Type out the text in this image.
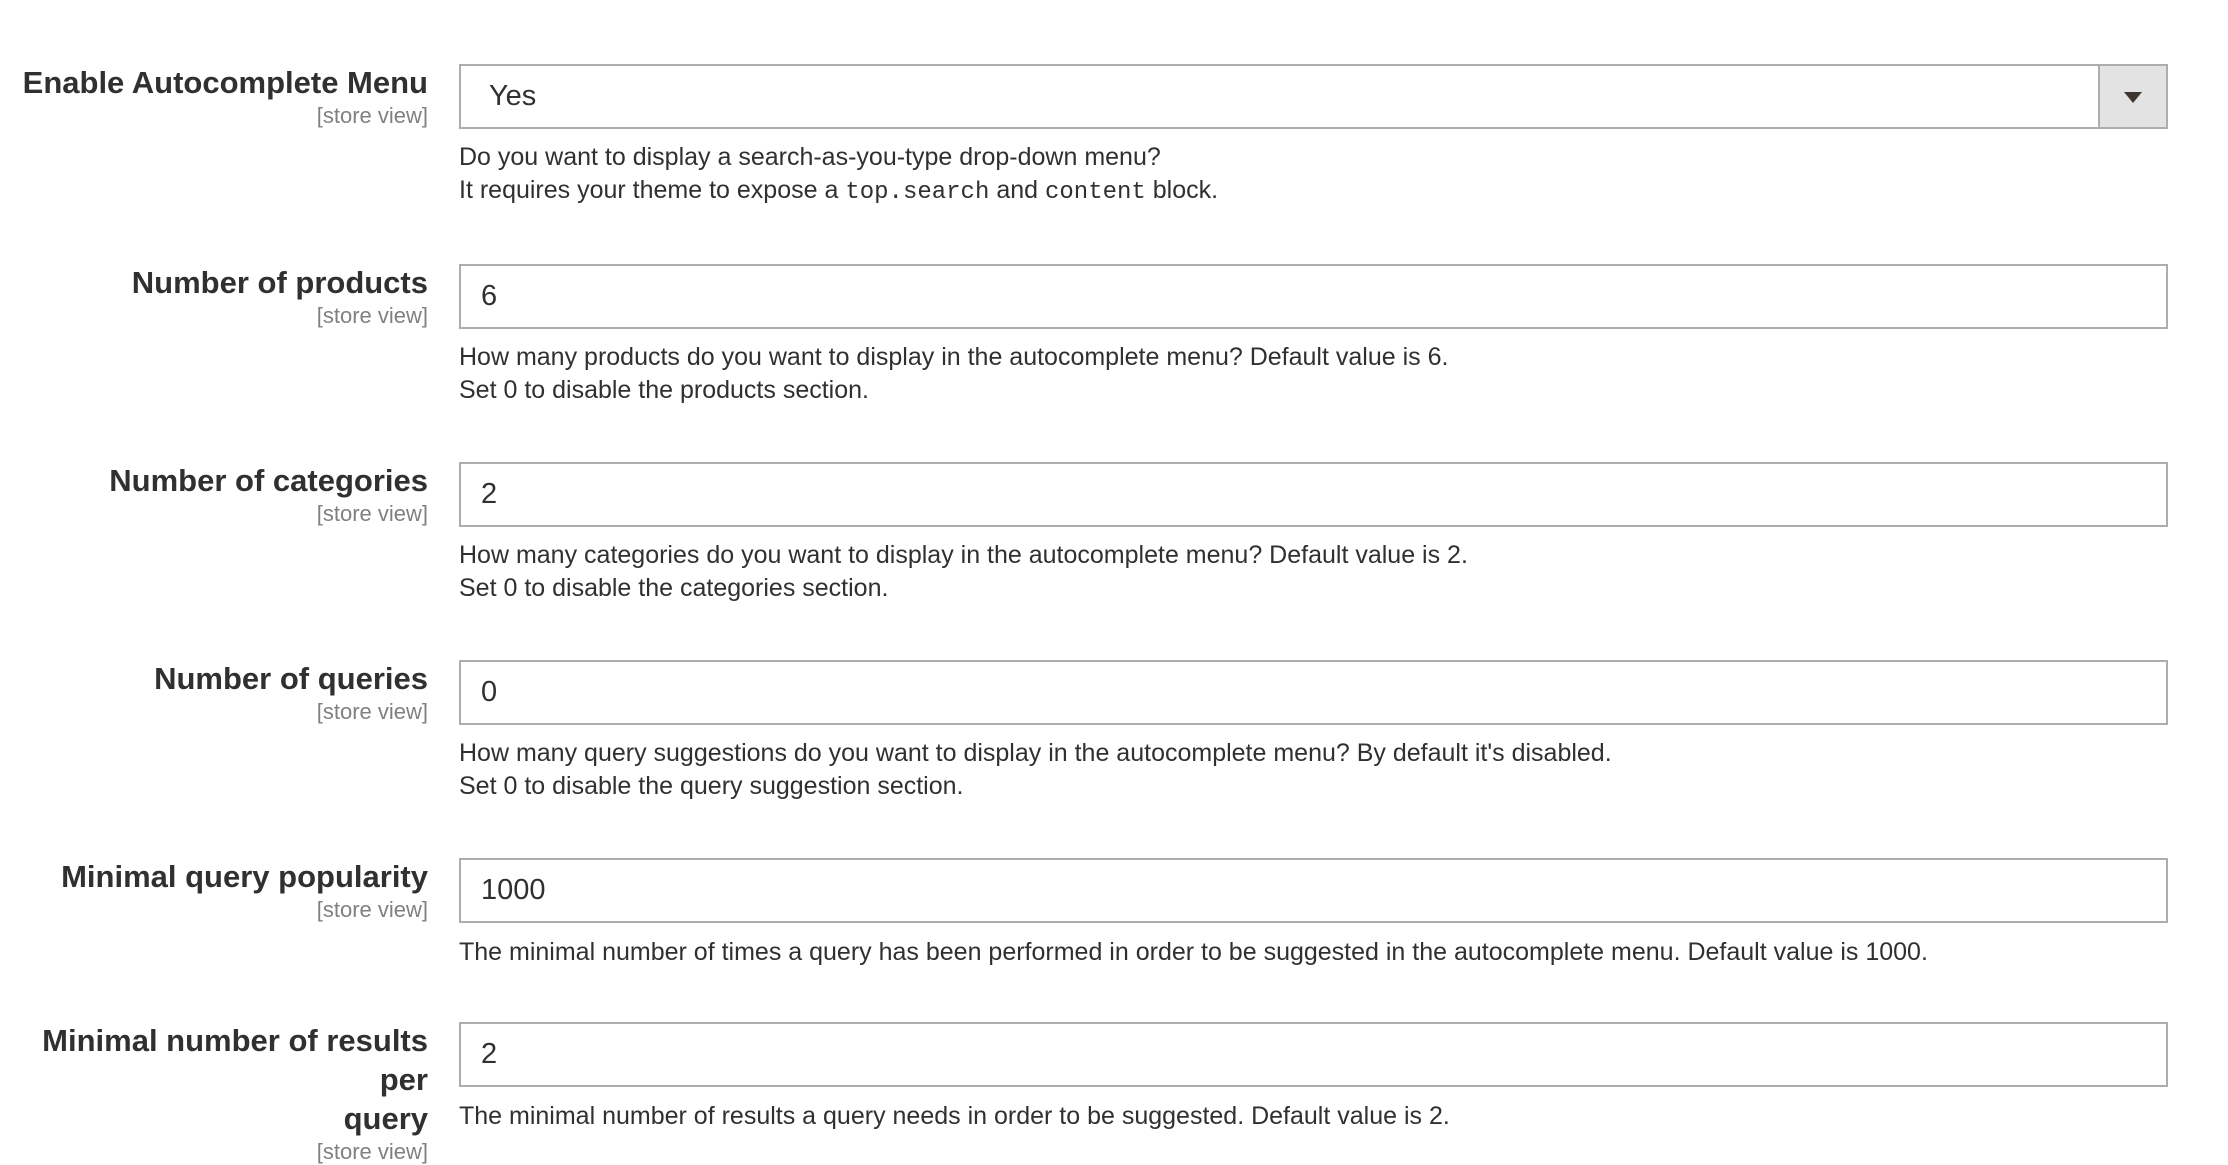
Enable Autocomplete Menu
[store view]
Yes
Do you want to display a search-as-you-type drop-down menu?
It requires your theme to expose a top.search and content block.
Number of products
[store view]
6
How many products do you want to display in the autocomplete menu? Default value is 6.
Set 0 to disable the products section.
Number of categories
[store view]
2
How many categories do you want to display in the autocomplete menu? Default value is 2.
Set 0 to disable the categories section.
Number of queries
[store view]
0
How many query suggestions do you want to display in the autocomplete menu? By default it's disabled.
Set 0 to disable the query suggestion section.
Minimal query popularity
[store view]
1000
The minimal number of times a query has been performed in order to be suggested in the autocomplete menu. Default value is 1000.
Minimal number of results per
query
[store view]
2
The minimal number of results a query needs in order to be suggested. Default value is 2.
